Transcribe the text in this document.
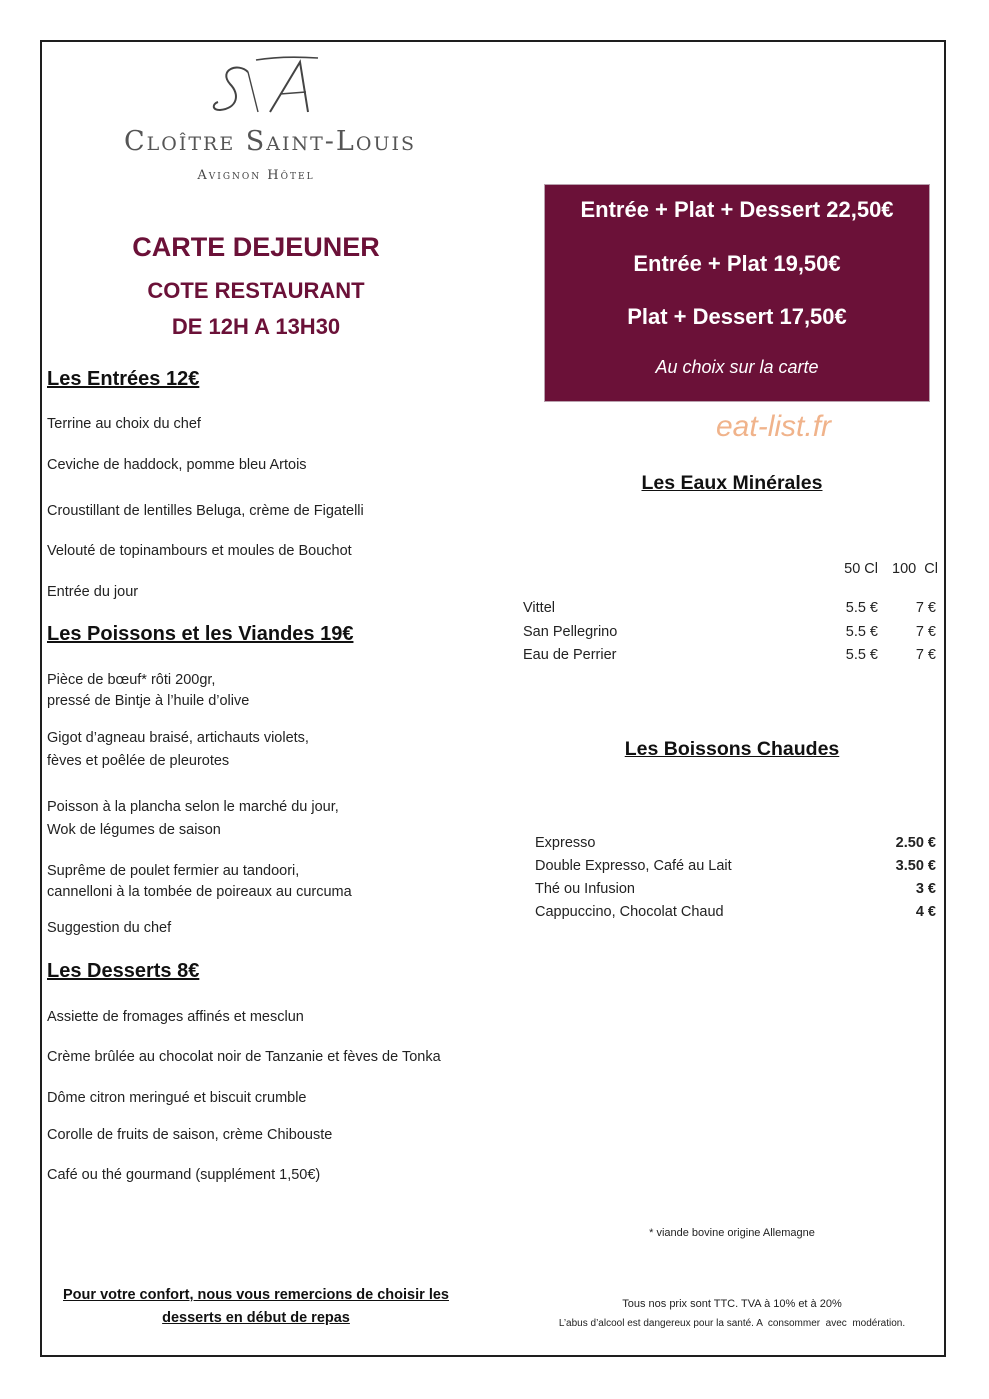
Cloître Saint-Louis
Avignon Hôtel
CARTE DEJEUNER
COTE RESTAURANT
DE 12H A 13H30
Entrée + Plat + Dessert 22,50€
Entrée + Plat 19,50€
Plat + Dessert 17,50€
Au choix sur la carte
eat-list.fr
Les Entrées 12€
Terrine au choix du chef
Ceviche de haddock, pomme bleu Artois
Croustillant de lentilles Beluga, crème de Figatelli
Velouté de topinambours et moules de Bouchot
Entrée du jour
Les Poissons et les Viandes 19€
Pièce de bœuf* rôti 200gr,
pressé de Bintje à l’huile d’olive
Gigot d’agneau braisé, artichauts violets,
fèves et poêlée de pleurotes
Poisson à la plancha selon le marché du jour,
Wok de légumes de saison
Suprême de poulet fermier au tandoori,
cannelloni à la tombée de poireaux au curcuma
Suggestion du chef
Les Desserts 8€
Assiette de fromages affinés et mesclun
Crème brûlée au chocolat noir de Tanzanie et fèves de Tonka
Dôme citron meringué et biscuit crumble
Corolle de fruits de saison, crème Chibouste
Café ou thé gourmand (supplément 1,50€)
Les Eaux Minérales
50 Cl 100  Cl
Vittel	5.5 €	7 €
San Pellegrino	5.5 €	7 €
Eau de Perrier	5.5 €	7 €
Les Boissons Chaudes
Expresso	2.50 €
Double Expresso, Café au Lait	3.50 €
Thé ou Infusion	3 €
Cappuccino, Chocolat Chaud	4 €
* viande bovine origine Allemagne
Pour votre confort, nous vous remercions de choisir les
desserts en début de repas
Tous nos prix sont TTC. TVA à 10% et à 20%
L’abus d’alcool est dangereux pour la santé. A  consommer  avec  modération.
